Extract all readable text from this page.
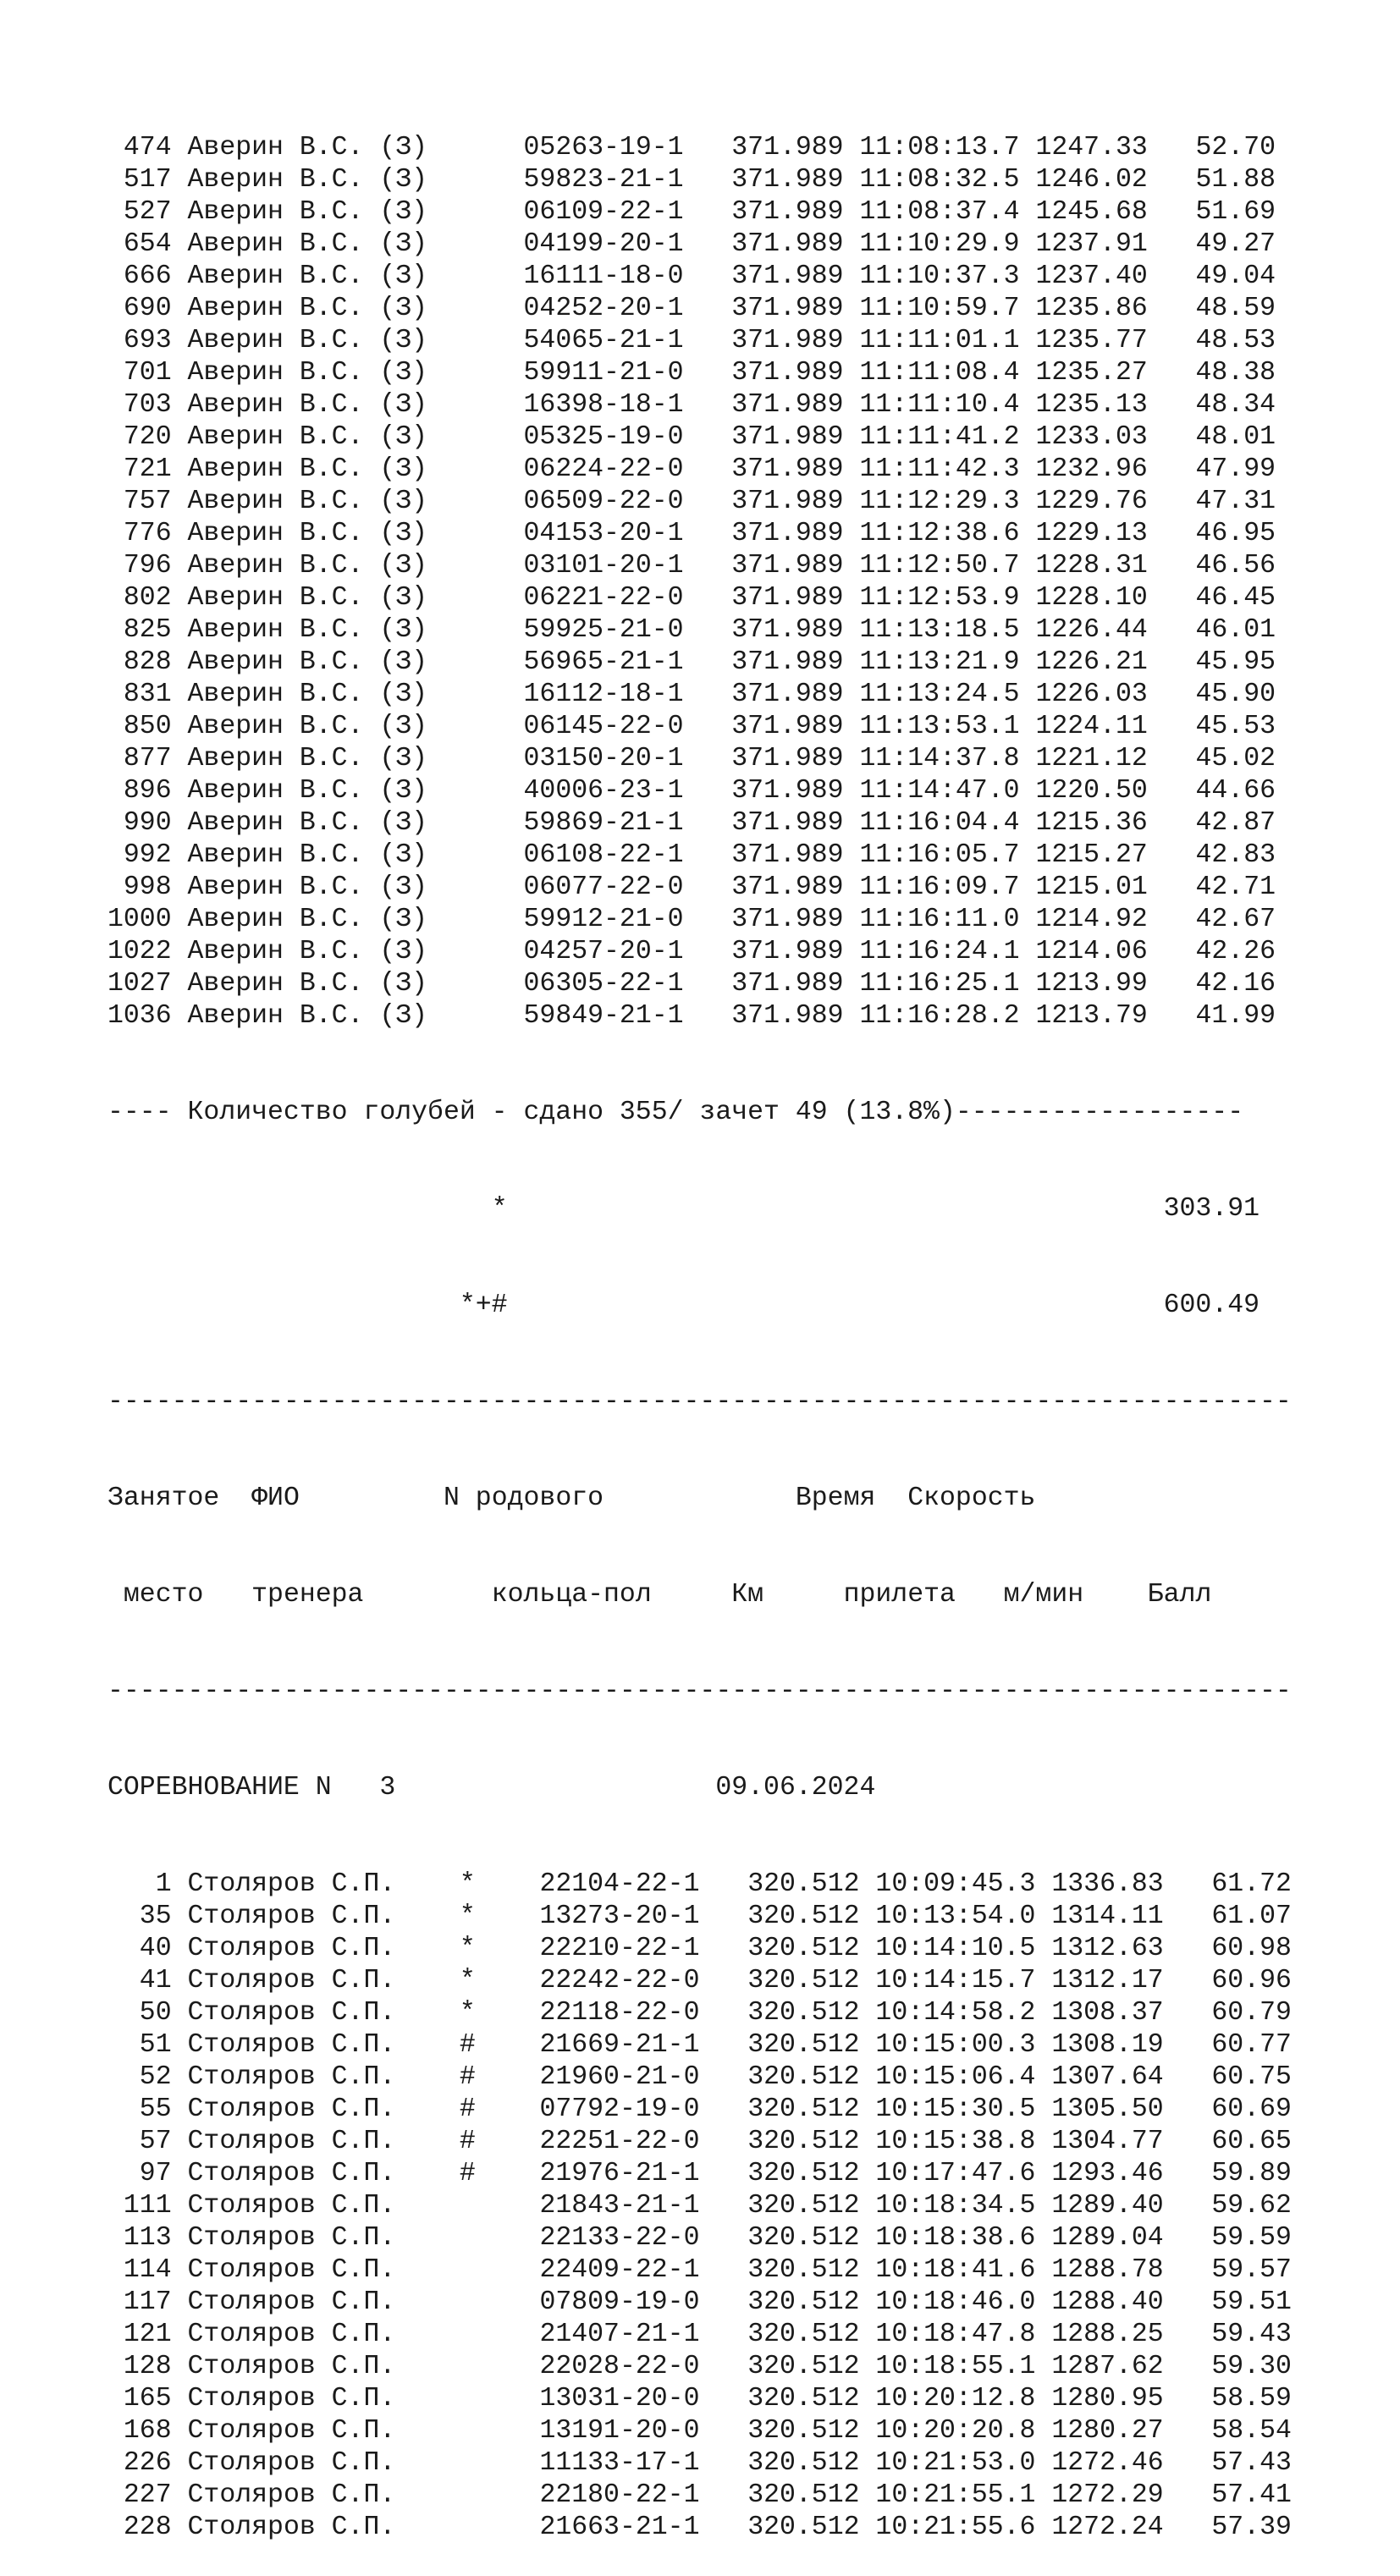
474 Аверин В.С. (З)	05263-19-1 371.989 11:08:13.7 1247.33 52.70
517 Аверин В.С. (З)	59823-21-1 371.989 11:08:32.5 1246.02 51.88
527 Аверин В.С. (З)	06109-22-1 371.989 11:08:37.4 1245.68 51.69
654 Аверин В.С. (З)	04199-20-1 371.989 11:10:29.9 1237.91 49.27
666 Аверин В.С. (З)	16111-18-0 371.989 11:10:37.3 1237.40 49.04
690 Аверин В.С. (З)	04252-20-1 371.989 11:10:59.7 1235.86 48.59
693 Аверин В.С. (З)	54065-21-1 371.989 11:11:01.1 1235.77 48.53
701 Аверин В.С. (З)	59911-21-0 371.989 11:11:08.4 1235.27 48.38
703 Аверин В.С. (З)	16398-18-1 371.989 11:11:10.4 1235.13 48.34
720 Аверин В.С. (З)	05325-19-0 371.989 11:11:41.2 1233.03 48.01
721 Аверин В.С. (З)	06224-22-0 371.989 11:11:42.3 1232.96 47.99
757 Аверин В.С. (З)	06509-22-0 371.989 11:12:29.3 1229.76 47.31
776 Аверин В.С. (З)	04153-20-1 371.989 11:12:38.6 1229.13 46.95
796 Аверин В.С. (З)	03101-20-1 371.989 11:12:50.7 1228.31 46.56
802 Аверин В.С. (З)	06221-22-0 371.989 11:12:53.9 1228.10 46.45
825 Аверин В.С. (З)	59925-21-0 371.989 11:13:18.5 1226.44 46.01
828 Аверин В.С. (З)	56965-21-1 371.989 11:13:21.9 1226.21 45.95
831 Аверин В.С. (З)	16112-18-1 371.989 11:13:24.5 1226.03 45.90
850 Аверин В.С. (З)	06145-22-0 371.989 11:13:53.1 1224.11 45.53
877 Аверин В.С. (З)	03150-20-1 371.989 11:14:37.8 1221.12 45.02
896 Аверин В.С. (З)	40006-23-1 371.989 11:14:47.0 1220.50 44.66
990 Аверин В.С. (З)	59869-21-1 371.989 11:16:04.4 1215.36 42.87
992 Аверин В.С. (З)	06108-22-1 371.989 11:16:05.7 1215.27 42.83
998 Аверин В.С. (З)	06077-22-0 371.989 11:16:09.7 1215.01 42.71
1000 Аверин В.С. (З)	59912-21-0 371.989 11:16:11.0 1214.92 42.67
1022 Аверин В.С. (З)	04257-20-1 371.989 11:16:24.1 1214.06 42.26
1027 Аверин В.С. (З)	06305-22-1 371.989 11:16:25.1 1213.99 42.16
1036 Аверин В.С. (З)	59849-21-1 371.989 11:16:28.2 1213.79 41.99

---- Количество голубей - сдано 355/ зачет 49 (13.8%)------------------

*	303.91

*+#	600.49

--------------------------------------------------------------------------

Занятое ФИО	N родового	Время Скорость

место тренера	кольца-пол	Км	прилета м/мин Балл

--------------------------------------------------------------------------

СОРЕВНОВАНИЕ N   3	09.06.2024

1 Столяров С.П. * 22104-22-1 320.512 10:09:45.3 1336.83 61.72
35 Столяров С.П. * 13273-20-1 320.512 10:13:54.0 1314.11 61.07
40 Столяров С.П. * 22210-22-1 320.512 10:14:10.5 1312.63 60.98
41 Столяров С.П. * 22242-22-0 320.512 10:14:15.7 1312.17 60.96
50 Столяров С.П. * 22118-22-0 320.512 10:14:58.2 1308.37 60.79
51 Столяров С.П. # 21669-21-1 320.512 10:15:00.3 1308.19 60.77
52 Столяров С.П. # 21960-21-0 320.512 10:15:06.4 1307.64 60.75
55 Столяров С.П. # 07792-19-0 320.512 10:15:30.5 1305.50 60.69
57 Столяров С.П. # 22251-22-0 320.512 10:15:38.8 1304.77 60.65
97 Столяров С.П. # 21976-21-1 320.512 10:17:47.6 1293.46 59.89
111 Столяров С.П.	21843-21-1 320.512 10:18:34.5 1289.40 59.62
113 Столяров С.П.	22133-22-0 320.512 10:18:38.6 1289.04 59.59
114 Столяров С.П.	22409-22-1 320.512 10:18:41.6 1288.78 59.57
117 Столяров С.П.	07809-19-0 320.512 10:18:46.0 1288.40 59.51
121 Столяров С.П.	21407-21-1 320.512 10:18:47.8 1288.25 59.43
128 Столяров С.П.	22028-22-0 320.512 10:18:55.1 1287.62 59.30
165 Столяров С.П.	13031-20-0 320.512 10:20:12.8 1280.95 58.59
168 Столяров С.П.	13191-20-0 320.512 10:20:20.8 1280.27 58.54
226 Столяров С.П.	11133-17-1 320.512 10:21:53.0 1272.46 57.43
227 Столяров С.П.	22180-22-1 320.512 10:21:55.1 1272.29 57.41
228 Столяров С.П.	21663-21-1 320.512 10:21:55.6 1272.24 57.39
